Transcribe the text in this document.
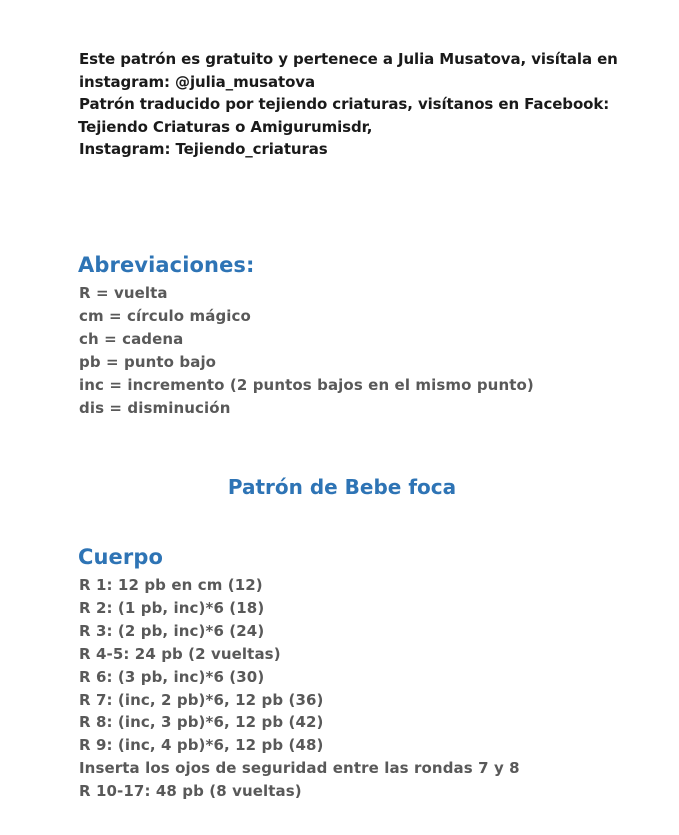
Este patrón es gratuito y pertenece a Julia Musatova, visítala en
instagram: @julia_musatova
Patrón traducido por tejiendo criaturas, visítanos en Facebook:
Tejiendo Criaturas o Amigurumisdr,
Instagram: Tejiendo_criaturas
Abreviaciones:
R = vuelta
cm = círculo mágico
ch = cadena
pb = punto bajo
inc = incremento (2 puntos bajos en el mismo punto)
dis = disminución
Patrón de Bebe foca
Cuerpo
R 1: 12 pb en cm (12)
R 2: (1 pb, inc)*6 (18)
R 3: (2 pb, inc)*6 (24)
R 4-5: 24 pb (2 vueltas)
R 6: (3 pb, inc)*6 (30)
R 7: (inc, 2 pb)*6, 12 pb (36)
R 8: (inc, 3 pb)*6, 12 pb (42)
R 9: (inc, 4 pb)*6, 12 pb (48)
Inserta los ojos de seguridad entre las rondas 7 y 8
R 10-17: 48 pb (8 vueltas)
